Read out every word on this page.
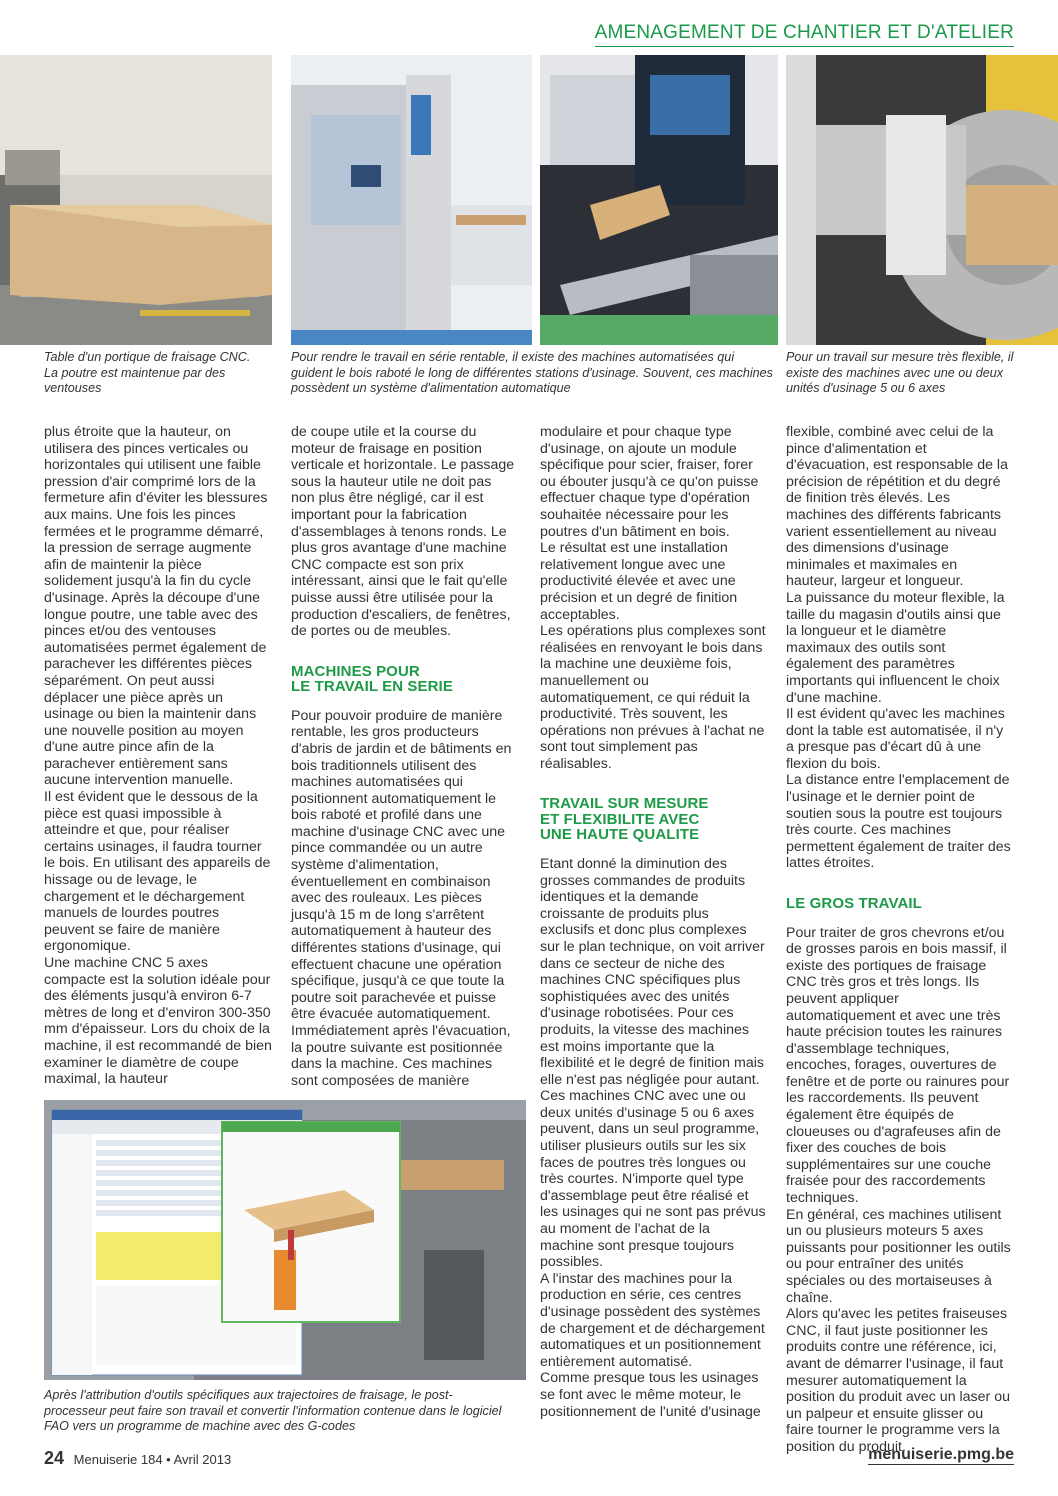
AMENAGEMENT DE CHANTIER ET D'ATELIER
Table d'un portique de fraisage CNC. La poutre est maintenue par des ventouses
Pour rendre le travail en série rentable, il existe des machines automatisées qui guident le bois raboté le long de différentes stations d'usinage. Souvent, ces machines possèdent un système d'alimentation automatique
Pour un travail sur mesure très flexible, il existe des machines avec une ou deux unités d'usinage 5 ou 6 axes

plus étroite que la hauteur, on utilisera des pinces verticales ou horizontales qui utilisent une faible pression d'air comprimé lors de la fermeture afin d'éviter les blessures aux mains. Une fois les pinces fermées et le programme démarré, la pression de serrage augmente afin de maintenir la pièce solidement jusqu'à la fin du cycle d'usinage. Après la découpe d'une longue poutre, une table avec des pinces et/ou des ventouses automatisées permet également de parachever les différentes pièces séparément. On peut aussi déplacer une pièce après un usinage ou bien la maintenir dans une nouvelle position au moyen d'une autre pince afin de la parachever entièrement sans aucune intervention manuelle.

Il est évident que le dessous de la pièce est quasi impossible à atteindre et que, pour réaliser certains usinages, il faudra tourner le bois. En utilisant des appareils de hissage ou de levage, le chargement et le déchargement manuels de lourdes poutres peuvent se faire de manière ergonomique.

Une machine CNC 5 axes compacte est la solution idéale pour des éléments jusqu'à environ 6-7 mètres de long et d'environ 300-350 mm d'épaisseur. Lors du choix de la machine, il est recommandé de bien examiner le diamètre de coupe maximal, la hauteur

de coupe utile et la course du moteur de fraisage en position verticale et horizontale. Le passage sous la hauteur utile ne doit pas non plus être négligé, car il est important pour la fabrication d'assemblages à tenons ronds. Le plus gros avantage d'une machine CNC compacte est son prix intéressant, ainsi que le fait qu'elle puisse aussi être utilisée pour la production d'escaliers, de fenêtres, de portes ou de meubles.

MACHINES POUR
LE TRAVAIL EN SERIE

Pour pouvoir produire de manière rentable, les gros producteurs d'abris de jardin et de bâtiments en bois traditionnels utilisent des machines automatisées qui positionnent automatiquement le bois raboté et profilé dans une machine d'usinage CNC avec une pince commandée ou un autre système d'alimentation, éventuellement en combinaison avec des rouleaux. Les pièces jusqu'à 15 m de long s'arrêtent automatiquement à hauteur des différentes stations d'usinage, qui effectuent chacune une opération spécifique, jusqu'à ce que toute la poutre soit parachevée et puisse être évacuée automatiquement. Immédiatement après l'évacuation, la poutre suivante est positionnée dans la machine. Ces machines sont composées de manière

modulaire et pour chaque type d'usinage, on ajoute un module spécifique pour scier, fraiser, forer ou ébouter jusqu'à ce qu'on puisse effectuer chaque type d'opération souhaitée nécessaire pour les poutres d'un bâtiment en bois.

Le résultat est une installation relativement longue avec une productivité élevée et avec une précision et un degré de finition acceptables.

Les opérations plus complexes sont réalisées en renvoyant le bois dans la machine une deuxième fois, manuellement ou automatiquement, ce qui réduit la productivité. Très souvent, les opérations non prévues à l'achat ne sont tout simplement pas réalisables.

TRAVAIL SUR MESURE
ET FLEXIBILITE AVEC
UNE HAUTE QUALITE

Etant donné la diminution des grosses commandes de produits identiques et la demande croissante de produits plus exclusifs et donc plus complexes sur le plan technique, on voit arriver dans ce secteur de niche des machines CNC spécifiques plus sophistiquées avec des unités d'usinage robotisées. Pour ces produits, la vitesse des machines est moins importante que la flexibilité et le degré de finition mais elle n'est pas négligée pour autant. Ces machines CNC avec une ou deux unités d'usinage 5 ou 6 axes peuvent, dans un seul programme, utiliser plusieurs outils sur les six faces de poutres très longues ou très courtes. N'importe quel type d'assemblage peut être réalisé et les usinages qui ne sont pas prévus au moment de l'achat de la machine sont presque toujours possibles.

A l'instar des machines pour la production en série, ces centres d'usinage possèdent des systèmes de chargement et de déchargement automatiques et un positionnement entièrement automatisé.

Comme presque tous les usinages se font avec le même moteur, le positionnement de l'unité d'usinage

flexible, combiné avec celui de la pince d'alimentation et d'évacuation, est responsable de la précision de répétition et du degré de finition très élevés. Les machines des différents fabricants varient essentiellement au niveau des dimensions d'usinage minimales et maximales en hauteur, largeur et longueur.

La puissance du moteur flexible, la taille du magasin d'outils ainsi que la longueur et le diamètre maximaux des outils sont également des paramètres importants qui influencent le choix d'une machine.

Il est évident qu'avec les machines dont la table est automatisée, il n'y a presque pas d'écart dû à une flexion du bois.

La distance entre l'emplacement de l'usinage et le dernier point de soutien sous la poutre est toujours très courte. Ces machines permettent également de traiter des lattes étroites.

LE GROS TRAVAIL

Pour traiter de gros chevrons et/ou de grosses parois en bois massif, il existe des portiques de fraisage CNC très gros et très longs. Ils peuvent appliquer automatiquement et avec une très haute précision toutes les rainures d'assemblage techniques, encoches, forages, ouvertures de fenêtre et de porte ou rainures pour les raccordements. Ils peuvent également être équipés de cloueuses ou d'agrafeuses afin de fixer des couches de bois supplémentaires sur une couche fraisée pour des raccordements techniques.

En général, ces machines utilisent un ou plusieurs moteurs 5 axes puissants pour positionner les outils ou pour entraîner des unités spéciales ou des mortaiseuses à chaîne.

Alors qu'avec les petites fraiseuses CNC, il faut juste positionner les produits contre une référence, ici, avant de démarrer l'usinage, il faut mesurer automatiquement la position du produit avec un laser ou un palpeur et ensuite glisser ou faire tourner le programme vers la position du produit.

Après l'attribution d'outils spécifiques aux trajectoires de fraisage, le post-processeur peut faire son travail et convertir l'information contenue dans le logiciel FAO vers un programme de machine avec des G-codes
24 Menuiserie 184 • Avril 2013	menuiserie.pmg.be
